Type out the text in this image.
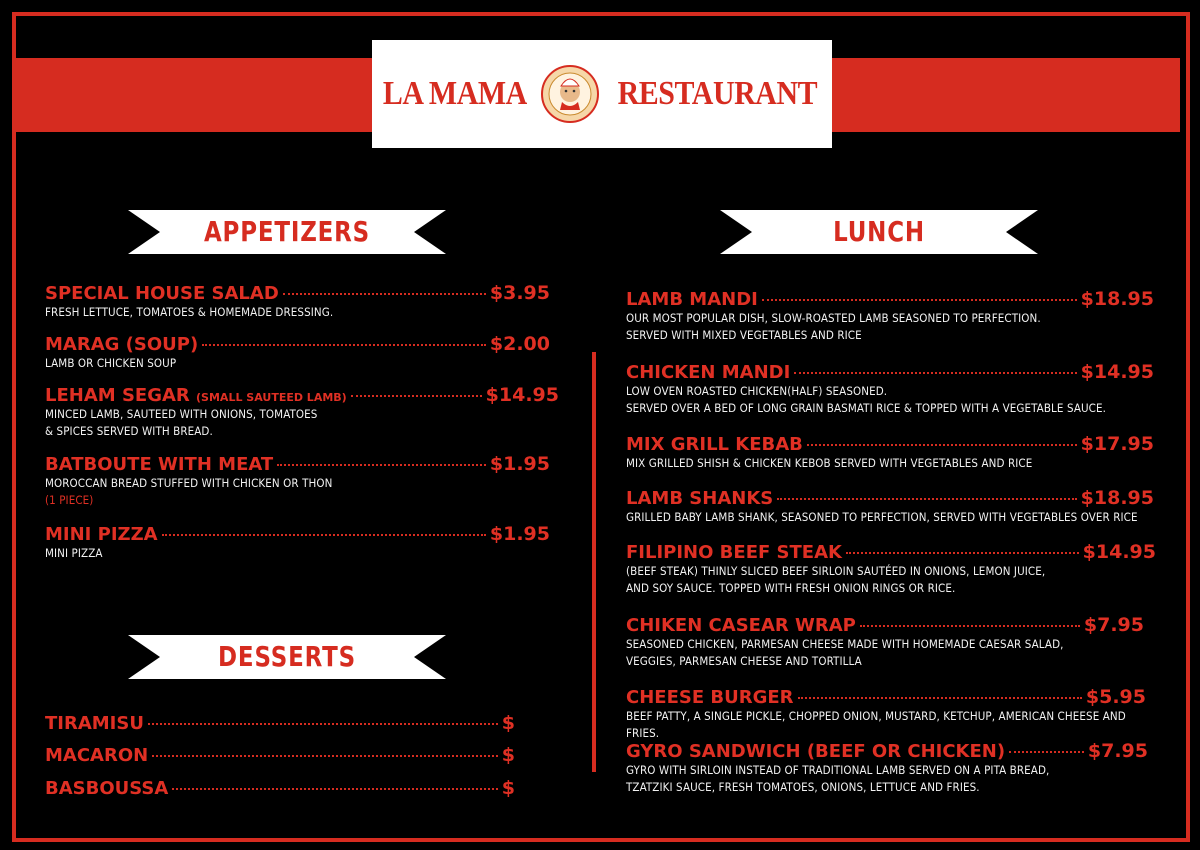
LA MAMA	RESTAURANT
APPETIZERS	LUNCH
DESSERTS
SPECIAL HOUSE SALAD	$3.95
FRESH LETTUCE, TOMATOES & HOMEMADE DRESSING.
MARAG (SOUP)	$2.00
LAMB OR CHICKEN SOUP
LEHAM SEGAR (SMALL SAUTEED LAMB)	$14.95
MINCED LAMB, SAUTEED WITH ONIONS, TOMATOES
& SPICES SERVED WITH BREAD.
BATBOUTE WITH MEAT	$1.95
MOROCCAN BREAD STUFFED WITH CHICKEN OR THON
(1 PIECE)
MINI PIZZA	$1.95
MINI PIZZA
TIRAMISU	$
MACARON	$
BASBOUSSA	$
LAMB MANDI	$18.95
OUR MOST POPULAR DISH, SLOW-ROASTED LAMB SEASONED TO PERFECTION.
SERVED WITH MIXED VEGETABLES AND RICE
CHICKEN MANDI	$14.95
LOW OVEN ROASTED CHICKEN(HALF) SEASONED.
SERVED OVER A BED OF LONG GRAIN BASMATI RICE & TOPPED WITH A VEGETABLE SAUCE.
MIX GRILL KEBAB	$17.95
MIX GRILLED SHISH & CHICKEN KEBOB SERVED WITH VEGETABLES AND RICE
LAMB SHANKS	$18.95
GRILLED BABY LAMB SHANK, SEASONED TO PERFECTION, SERVED WITH VEGETABLES OVER RICE
FILIPINO BEEF STEAK	$14.95
(BEEF STEAK) THINLY SLICED BEEF SIRLOIN SAUTÉED IN ONIONS, LEMON JUICE,
AND SOY SAUCE. TOPPED WITH FRESH ONION RINGS OR RICE.
CHIKEN CASEAR WRAP	$7.95
SEASONED CHICKEN, PARMESAN CHEESE MADE WITH HOMEMADE CAESAR SALAD,
VEGGIES, PARMESAN CHEESE AND TORTILLA
CHEESE BURGER	$5.95
BEEF PATTY, A SINGLE PICKLE, CHOPPED ONION, MUSTARD, KETCHUP, AMERICAN CHEESE AND FRIES.
GYRO SANDWICH (BEEF OR CHICKEN)	$7.95
GYRO WITH SIRLOIN INSTEAD OF TRADITIONAL LAMB SERVED ON A PITA BREAD,
TZATZIKI SAUCE, FRESH TOMATOES, ONIONS, LETTUCE AND FRIES.
